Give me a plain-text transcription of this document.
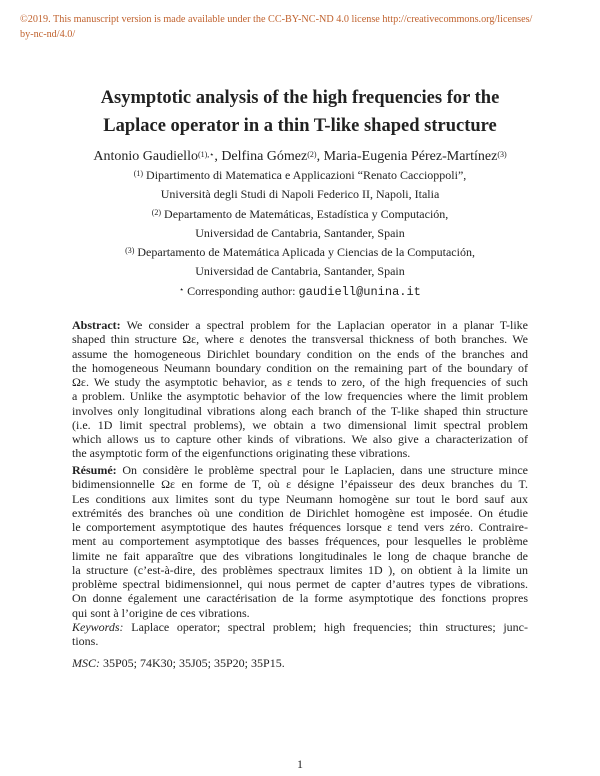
©2019. This manuscript version is made available under the CC-BY-NC-ND 4.0 license http://creativecommons.org/licenses/
by-nc-nd/4.0/
Asymptotic analysis of the high frequencies for the
Laplace operator in a thin T-like shaped structure
Antonio Gaudiello$^{(1),⋆}$, Delfina Gómez$^{(2)}$, Maria-Eugenia Pérez-Martínez$^{(3)}$
$^{(1)}$ Dipartimento di Matematica e Applicazioni “Renato Caccioppoli”,
Università degli Studi di Napoli Federico II, Napoli, Italia
$^{(2)}$ Departamento de Matemáticas, Estadística y Computación,
Universidad de Cantabria, Santander, Spain
$^{(3)}$ Departamento de Matemática Aplicada y Ciencias de la Computación,
Universidad de Cantabria, Santander, Spain
⋆ Corresponding author: gaudiell@unina.it
Abstract: We consider a spectral problem for the Laplacian operator in a planar T-like
shaped thin structure Ωε, where ε denotes the transversal thickness of both branches. We
assume the homogeneous Dirichlet boundary condition on the ends of the branches and
the homogeneous Neumann boundary condition on the remaining part of the boundary of
Ωε. We study the asymptotic behavior, as ε tends to zero, of the high frequencies of such
a problem. Unlike the asymptotic behavior of the low frequencies where the limit problem
involves only longitudinal vibrations along each branch of the T-like shaped thin structure
(i.e. 1D limit spectral problems), we obtain a two dimensional limit spectral problem
which allows us to capture other kinds of vibrations. We also give a characterization of
the asymptotic form of the eigenfunctions originating these vibrations.
Résumé: On considère le problème spectral pour le Laplacien, dans une structure mince
bidimensionnelle Ωε en forme de T, où ε désigne l’épaisseur des deux branches du T.
Les conditions aux limites sont du type Neumann homogène sur tout le bord sauf aux
extrémités des branches où une condition de Dirichlet homogène est imposée. On étudie
le comportement asymptotique des hautes fréquences lorsque ε tend vers zéro. Contraire-
ment au comportement asymptotique des basses fréquences, pour lesquelles le problème
limite ne fait apparaître que des vibrations longitudinales le long de chaque branche de
la structure (c’est-à-dire, des problèmes spectraux limites 1D ), on obtient à la limite un
problème spectral bidimensionnel, qui nous permet de capter d’autres types de vibrations.
On donne également une caractérisation de la forme asymptotique des fonctions propres
qui sont à l’origine de ces vibrations.
Keywords: Laplace operator; spectral problem; high frequencies; thin structures; junc-
tions.
MSC: 35P05; 74K30; 35J05; 35P20; 35P15.
1
